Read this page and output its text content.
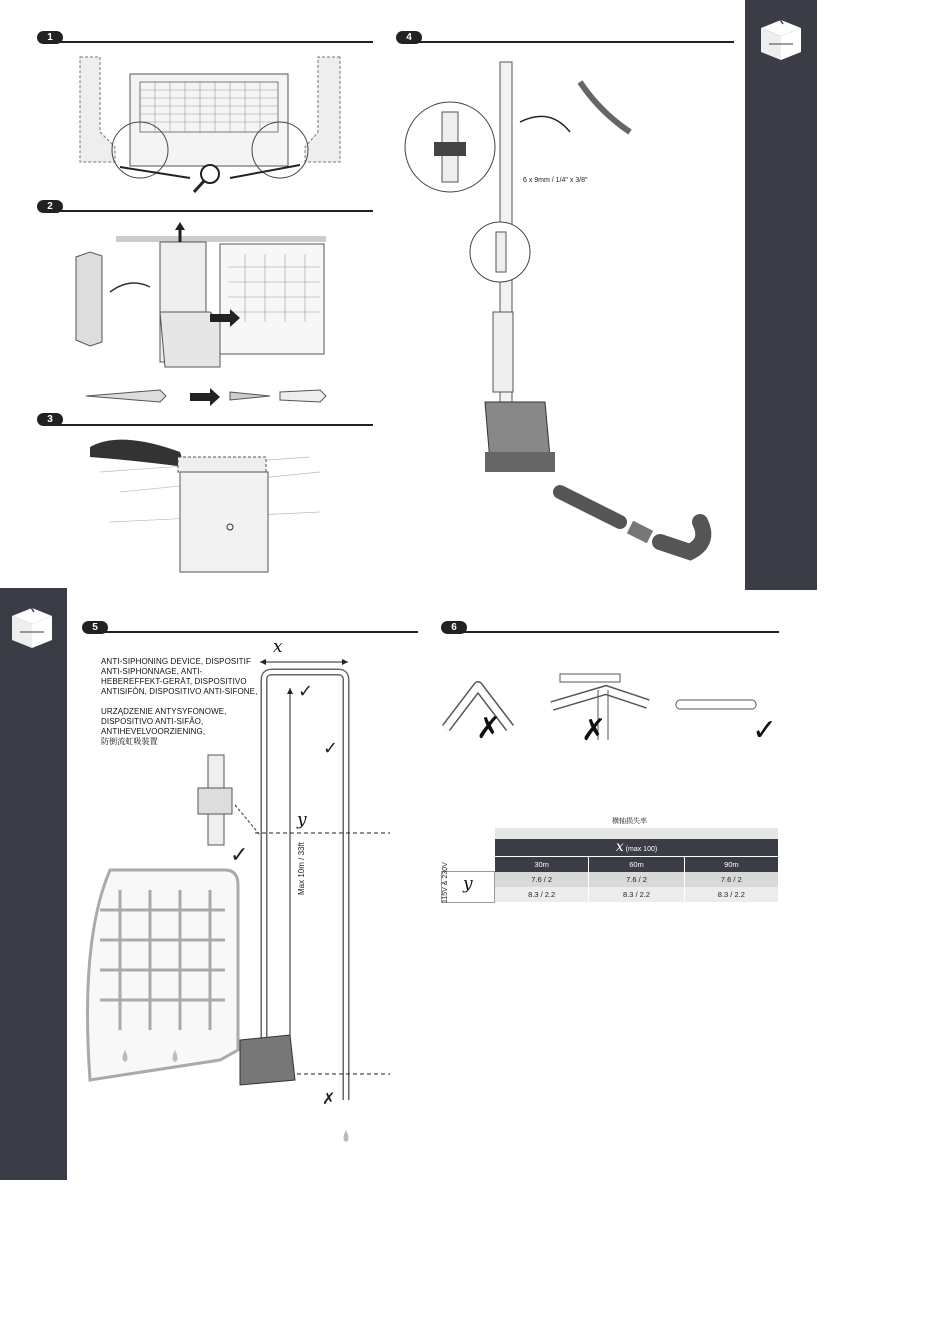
1
2
3
4
5	6
6 x 9mm / 1/4" x 3/8"
ANTI-SIPHONING DEVICE, DISPOSITIF
ANTI-SIPHONNAGE, ANTI-
HEBEREFFEKT-GERÄT, DISPOSITIVO
ANTISIFÓN, DISPOSITIVO ANTI-SIFONE,
URZĄDZENIE ANTYSYFONOWE,
DISPOSITIVO ANTI-SIFÃO,
ANTIHEVELVOORZIENING,
防倒流虹吸裝置
x
y
Max 10m / 33ft
✓
✓
✓
✗
✗	✗	✓
横轴损失率
x (max 100)
30m	60m	90m
7.6 / 2	7.6 / 2	7.6 / 2
8.3 / 2.2	8.3 / 2.2	8.3 / 2.2
115V & 230V y
